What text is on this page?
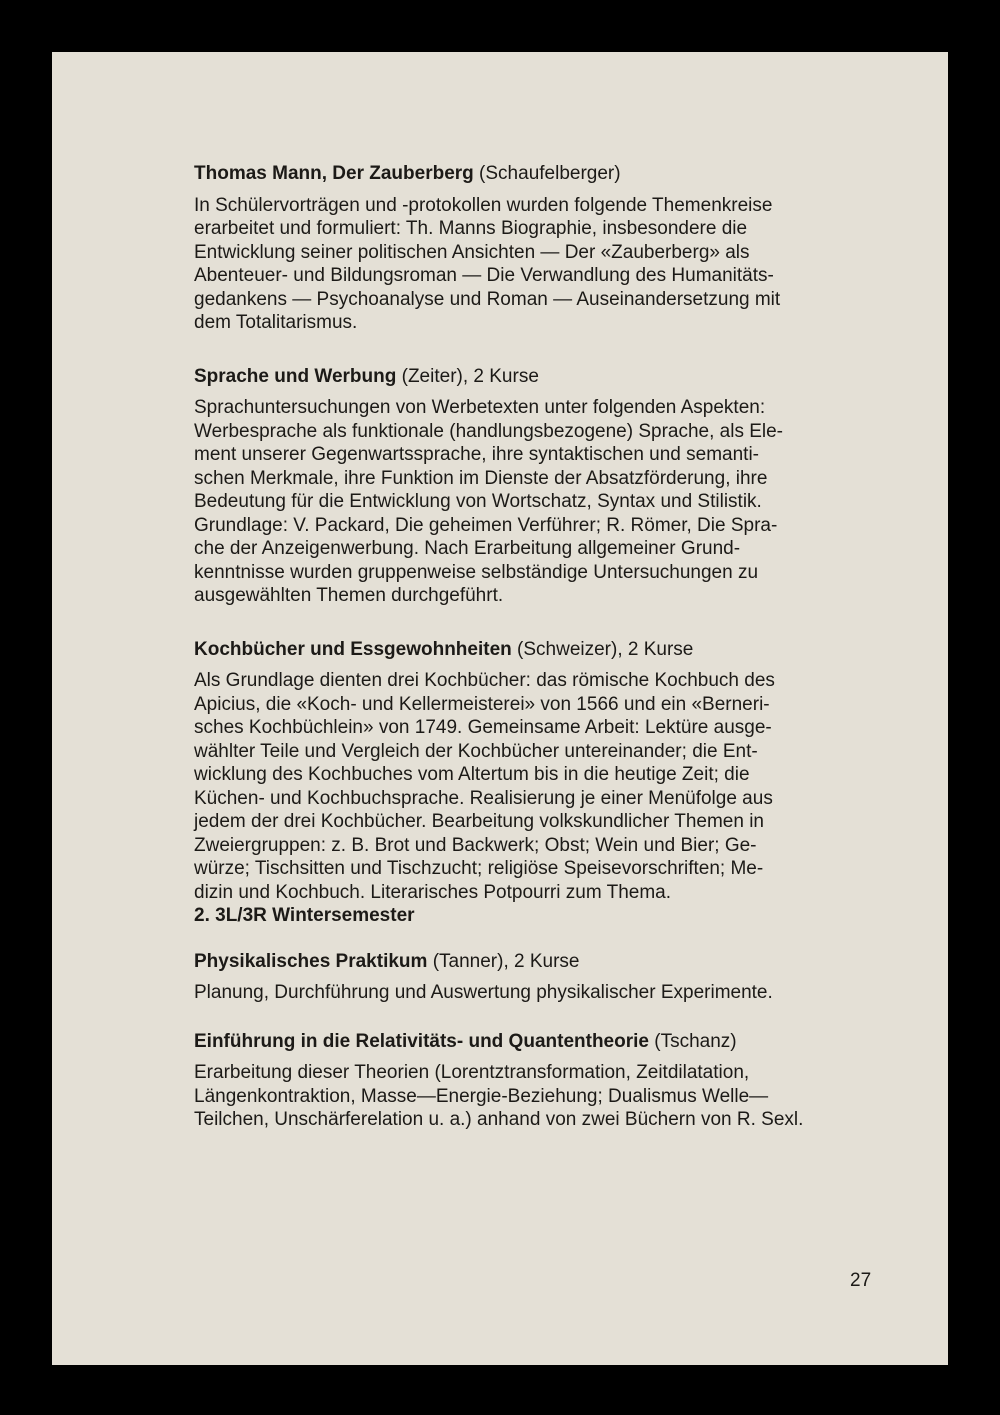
Thomas Mann, Der Zauberberg (Schaufelberger)

In Schülervorträgen und -protokollen wurden folgende Themenkreise
erarbeitet und formuliert: Th. Manns Biographie, insbesondere die
Entwicklung seiner politischen Ansichten — Der «Zauberberg» als
Abenteuer- und Bildungsroman — Die Verwandlung des Humanitäts-
gedankens — Psychoanalyse und Roman — Auseinandersetzung mit
dem Totalitarismus.

Sprache und Werbung (Zeiter), 2 Kurse

Sprachuntersuchungen von Werbetexten unter folgenden Aspekten:
Werbesprache als funktionale (handlungsbezogene) Sprache, als Ele-
ment unserer Gegenwartssprache, ihre syntaktischen und semanti-
schen Merkmale, ihre Funktion im Dienste der Absatzförderung, ihre
Bedeutung für die Entwicklung von Wortschatz, Syntax und Stilistik.
Grundlage: V. Packard, Die geheimen Verführer; R. Römer, Die Spra-
che der Anzeigenwerbung. Nach Erarbeitung allgemeiner Grund-
kenntnisse wurden gruppenweise selbständige Untersuchungen zu
ausgewählten Themen durchgeführt.

Kochbücher und Essgewohnheiten (Schweizer), 2 Kurse

Als Grundlage dienten drei Kochbücher: das römische Kochbuch des
Apicius, die «Koch- und Kellermeisterei» von 1566 und ein «Berneri-
sches Kochbüchlein» von 1749. Gemeinsame Arbeit: Lektüre ausge-
wählter Teile und Vergleich der Kochbücher untereinander; die Ent-
wicklung des Kochbuches vom Altertum bis in die heutige Zeit; die
Küchen- und Kochbuchsprache. Realisierung je einer Menüfolge aus
jedem der drei Kochbücher. Bearbeitung volkskundlicher Themen in
Zweiergruppen: z. B. Brot und Backwerk; Obst; Wein und Bier; Ge-
würze; Tischsitten und Tischzucht; religiöse Speisevorschriften; Me-
dizin und Kochbuch. Literarisches Potpourri zum Thema.

2. 3L/3R Wintersemester

Physikalisches Praktikum (Tanner), 2 Kurse

Planung, Durchführung und Auswertung physikalischer Experimente.

Einführung in die Relativitäts- und Quantentheorie (Tschanz)

Erarbeitung dieser Theorien (Lorentztransformation, Zeitdilatation,
Längenkontraktion, Masse—Energie-Beziehung; Dualismus Welle—
Teilchen, Unschärferelation u. a.) anhand von zwei Büchern von R. Sexl.

27
